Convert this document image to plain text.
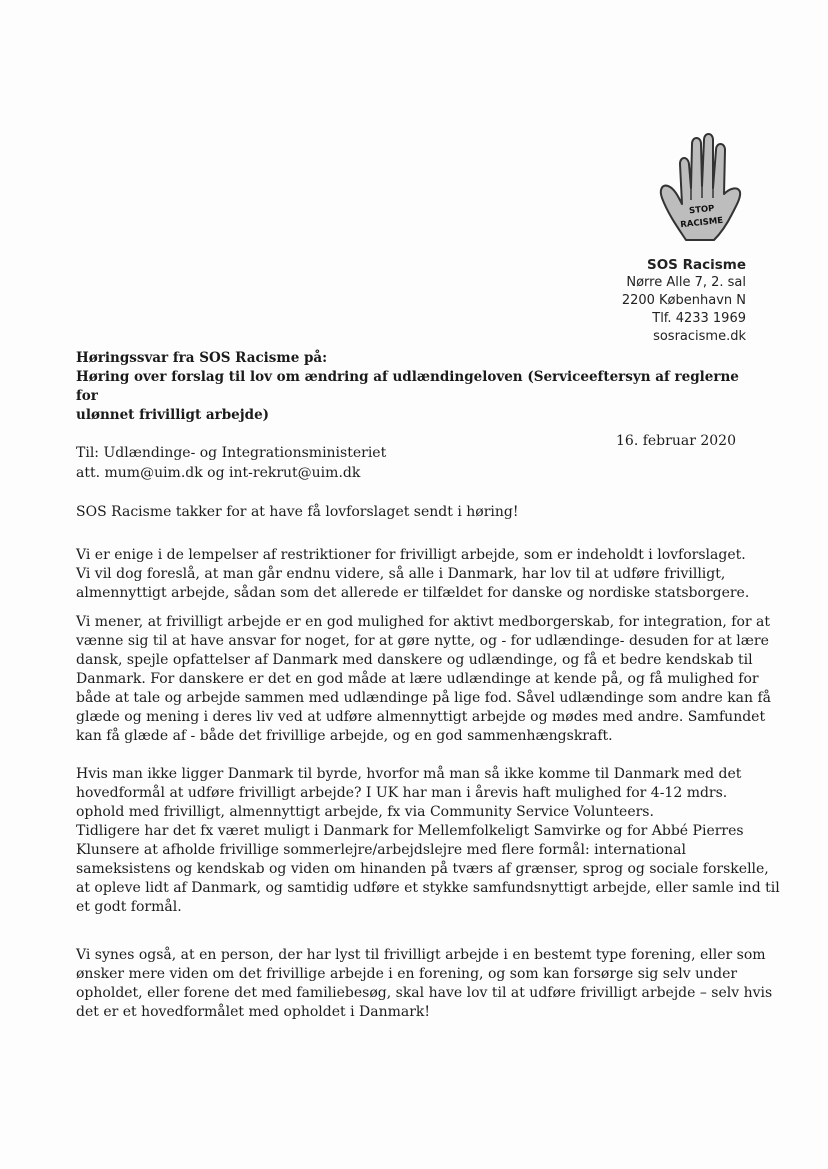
STOP
RACISME
SOS Racisme
Nørre Alle 7, 2. sal
2200 København N
Tlf. 4233 1969
sosracisme.dk
Høringssvar fra SOS Racisme på:
Høring over forslag til lov om ændring af udlændingeloven (Serviceeftersyn af reglerne for
ulønnet frivilligt arbejde)
16. februar 2020
Til: Udlændinge- og Integrationsministeriet
att. mum@uim.dk og int-rekrut@uim.dk
SOS Racisme takker for at have få lovforslaget sendt i høring!
Vi er enige i de lempelser af restriktioner for frivilligt arbejde, som er indeholdt i lovforslaget.
Vi vil dog foreslå, at man går endnu videre, så alle i Danmark, har lov til at udføre frivilligt,
almennyttigt arbejde, sådan som det allerede er tilfældet for danske og nordiske statsborgere.
Vi mener, at frivilligt arbejde er en god mulighed for aktivt medborgerskab, for integration, for at
vænne sig til at have ansvar for noget, for at gøre nytte, og - for udlændinge- desuden for at lære
dansk, spejle opfattelser af Danmark med danskere og udlændinge, og få et bedre kendskab til
Danmark. For danskere er det en god måde at lære udlændinge at kende på, og få mulighed for
både at tale og arbejde sammen med udlændinge på lige fod. Såvel udlændinge som andre kan få
glæde og mening i deres liv ved at udføre almennyttigt arbejde og mødes med andre. Samfundet
kan få glæde af - både det frivillige arbejde, og en god sammenhængskraft.
Hvis man ikke ligger Danmark til byrde, hvorfor må man så ikke komme til Danmark med det
hovedformål at udføre frivilligt arbejde? I UK har man i årevis haft mulighed for 4-12 mdrs.
ophold med frivilligt, almennyttigt arbejde, fx via Community Service Volunteers.
Tidligere har det fx været muligt i Danmark for Mellemfolkeligt Samvirke og for Abbé Pierres
Klunsere at afholde frivillige sommerlejre/arbejdslejre med flere formål: international
sameksistens og kendskab og viden om hinanden på tværs af grænser, sprog og sociale forskelle,
at opleve lidt af Danmark, og samtidig udføre et stykke samfundsnyttigt arbejde, eller samle ind til
et godt formål.
Vi synes også, at en person, der har lyst til frivilligt arbejde i en bestemt type forening, eller som
ønsker mere viden om det frivillige arbejde i en forening, og som kan forsørge sig selv under
opholdet, eller forene det med familiebesøg, skal have lov til at udføre frivilligt arbejde – selv hvis
det er et hovedformålet med opholdet i Danmark!
